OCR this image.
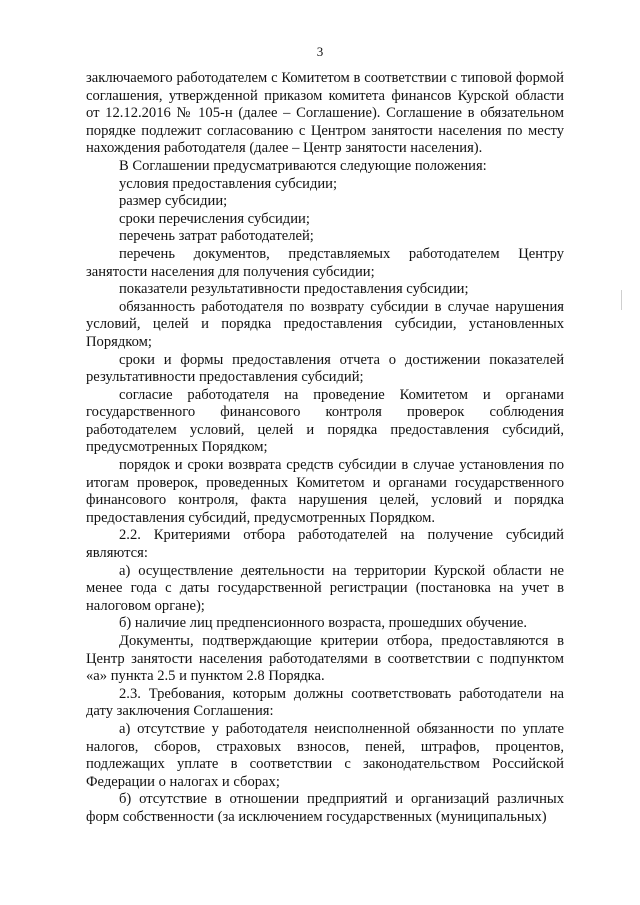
3

заключаемого работодателем с Комитетом в соответствии с типовой формой соглашения, утвержденной приказом комитета финансов Курской области от 12.12.2016 № 105-н (далее – Соглашение). Соглашение в обязательном порядке подлежит согласованию с Центром занятости населения по месту нахождения работодателя (далее – Центр занятости населения).

В Соглашении предусматриваются следующие положения:

условия предоставления субсидии;

размер субсидии;

сроки перечисления субсидии;

перечень затрат работодателей;

перечень документов, представляемых работодателем Центру занятости населения для получения субсидии;

показатели результативности предоставления субсидии;

обязанность работодателя по возврату субсидии в случае нарушения условий, целей и порядка предоставления субсидии, установленных Порядком;

сроки и формы предоставления отчета о достижении показателей результативности предоставления субсидий;

согласие работодателя на проведение Комитетом и органами государственного финансового контроля проверок соблюдения работодателем условий, целей и порядка предоставления субсидий, предусмотренных Порядком;

порядок и сроки возврата средств субсидии в случае установления по итогам проверок, проведенных Комитетом и органами государственного финансового контроля, факта нарушения целей, условий и порядка предоставления субсидий, предусмотренных Порядком.

2.2. Критериями отбора работодателей на получение субсидий являются:

а) осуществление деятельности на территории Курской области не менее года с даты государственной регистрации (постановка на учет в налоговом органе);

б) наличие лиц предпенсионного возраста, прошедших обучение.

Документы, подтверждающие критерии отбора, предоставляются в Центр занятости населения работодателями в соответствии с подпунктом «а» пункта 2.5 и пунктом 2.8 Порядка.

2.3. Требования, которым должны соответствовать работодатели на дату заключения Соглашения:

а) отсутствие у работодателя неисполненной обязанности по уплате налогов, сборов, страховых взносов, пеней, штрафов, процентов, подлежащих уплате в соответствии с законодательством Российской Федерации о налогах и сборах;

б) отсутствие в отношении предприятий и организаций различных форм собственности (за исключением государственных (муниципальных)
